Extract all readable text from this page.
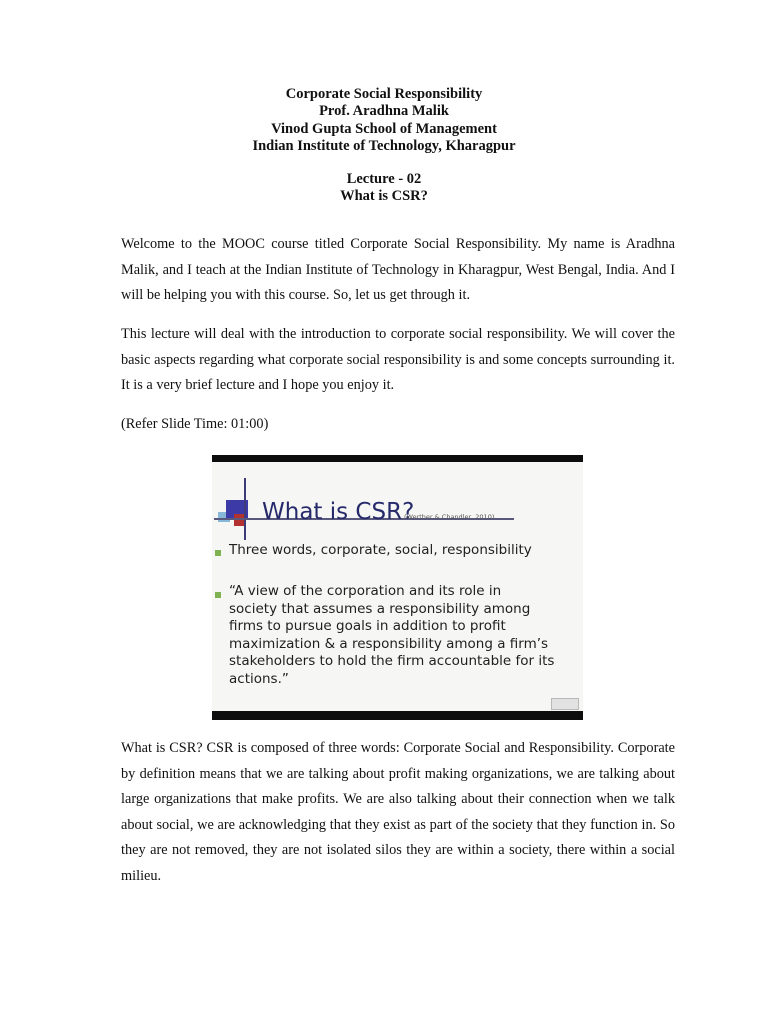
Corporate Social Responsibility
Prof. Aradhna Malik
Vinod Gupta School of Management
Indian Institute of Technology, Kharagpur
Lecture - 02
What is CSR?

Welcome to the MOOC course titled Corporate Social Responsibility. My name is Aradhna Malik, and I teach at the Indian Institute of Technology in Kharagpur, West Bengal, India. And I will be helping you with this course. So, let us get through it.

This lecture will deal with the introduction to corporate social responsibility. We will cover the basic aspects regarding what corporate social responsibility is and some concepts surrounding it. It is a very brief lecture and I hope you enjoy it.

(Refer Slide Time: 01:00)

What is CSR?
(Werther & Chandler, 2010)
Three words, corporate, social, responsibility
“A view of the corporation and its role in
society that assumes a responsibility among
firms to pursue goals in addition to profit
maximization & a responsibility among a firm’s
stakeholders to hold the firm accountable for its
actions.”

What is CSR? CSR is composed of three words: Corporate Social and Responsibility. Corporate by definition means that we are talking about profit making organizations, we are talking about large organizations that make profits. We are also talking about their connection when we talk about social, we are acknowledging that they exist as part of the society that they function in. So they are not removed, they are not isolated silos they are within a society, there within a social milieu.
